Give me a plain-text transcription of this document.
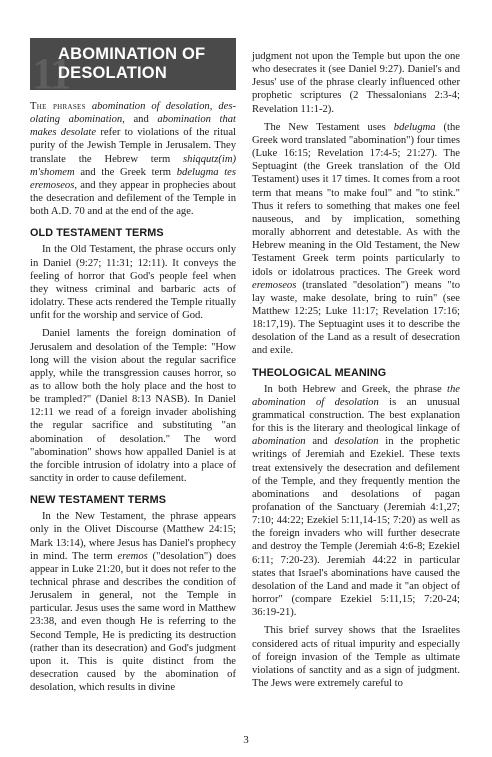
11
ABOMINATION OF DESOLATION

The phrases abomination of desolation, des-olating abomination, and abomination that makes desolate refer to violations of the ritual purity of the Jewish Temple in Jerusalem. They translate the Hebrew term shiqqutz(im) m'shomem and the Greek term bdelugma tes eremoseos, and they appear in prophecies about the desecration and defilement of the Temple in both A.D. 70 and at the end of the age.

OLD TESTAMENT TERMS

In the Old Testament, the phrase occurs only in Daniel (9:27; 11:31; 12:11). It conveys the feeling of horror that God's people feel when they witness criminal and barbaric acts of idolatry. These acts rendered the Temple ritually unfit for the worship and service of God.

Daniel laments the foreign domination of Jerusalem and desolation of the Temple: "How long will the vision about the regular sacrifice apply, while the transgression causes horror, so as to allow both the holy place and the host to be trampled?" (Daniel 8:13 NASB). In Daniel 12:11 we read of a foreign invader abolishing the regular sacrifice and substituting "an abomination of desolation." The word "abomination" shows how appalled Daniel is at the forcible intrusion of idolatry into a place of sanctity in order to cause defilement.

NEW TESTAMENT TERMS

In the New Testament, the phrase appears only in the Olivet Discourse (Matthew 24:15; Mark 13:14), where Jesus has Daniel's prophecy in mind. The term eremos ("desolation") does appear in Luke 21:20, but it does not refer to the technical phrase and describes the condition of Jerusalem in general, not the Temple in particular. Jesus uses the same word in Matthew 23:38, and even though He is referring to the Second Temple, He is predicting its destruction (rather than its desecration) and God's judgment upon it. This is quite distinct from the desecration caused by the abomination of desolation, which results in divine

judgment not upon the Temple but upon the one who desecrates it (see Daniel 9:27). Daniel's and Jesus' use of the phrase clearly influenced other prophetic scriptures (2 Thessalonians 2:3-4; Revelation 11:1-2).

The New Testament uses bdelugma (the Greek word translated "abomination") four times (Luke 16:15; Revelation 17:4-5; 21:27). The Septuagint (the Greek translation of the Old Testament) uses it 17 times. It comes from a root term that means "to make foul" and "to stink." Thus it refers to something that makes one feel nauseous, and by implication, something morally abhorrent and detestable. As with the Hebrew meaning in the Old Testament, the New Testament Greek term points particularly to idols or idolatrous practices. The Greek word eremoseos (translated "desolation") means "to lay waste, make desolate, bring to ruin" (see Matthew 12:25; Luke 11:17; Revelation 17:16; 18:17,19). The Septuagint uses it to describe the desolation of the Land as a result of desecration and exile.

THEOLOGICAL MEANING

In both Hebrew and Greek, the phrase the abomination of desolation is an unusual grammatical construction. The best explanation for this is the literary and theological linkage of abomination and desolation in the prophetic writings of Jeremiah and Ezekiel. These texts treat extensively the desecration and defilement of the Temple, and they frequently mention the abominations and desolations of pagan profanation of the Sanctuary (Jeremiah 4:1,27; 7:10; 44:22; Ezekiel 5:11,14-15; 7:20) as well as the foreign invaders who will further desecrate and destroy the Temple (Jeremiah 4:6-8; Ezekiel 6:11; 7:20-23). Jeremiah 44:22 in particular states that Israel's abominations have caused the desolation of the Land and made it "an object of horror" (compare Ezekiel 5:11,15; 7:20-24; 36:19-21).

This brief survey shows that the Israelites considered acts of ritual impurity and especially of foreign invasion of the Temple as ultimate violations of sanctity and as a sign of judgment. The Jews were extremely careful to

3
